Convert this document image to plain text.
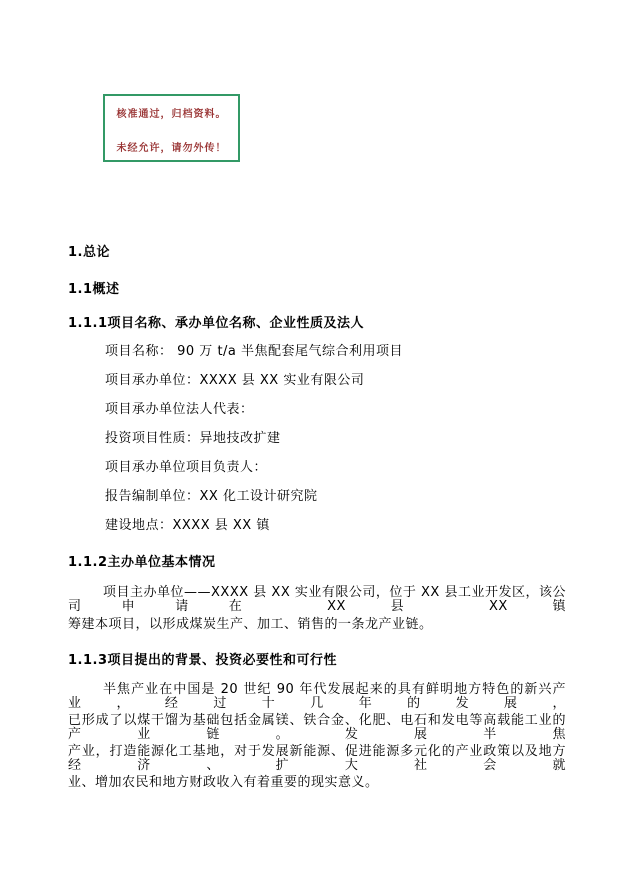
核准通过，归档资料。
未经允许，请勿外传！
1.总论
1.1概述
1.1.1项目名称、承办单位名称、企业性质及法人
项目名称： 90 万 t/a 半焦配套尾气综合利用项目
项目承办单位：XXXX 县 XX 实业有限公司
项目承办单位法人代表：
投资项目性质：异地技改扩建
项目承办单位项目负责人：
报告编制单位：XX 化工设计研究院
建设地点：XXXX 县 XX 镇
1.1.2主办单位基本情况
项目主办单位——XXXX 县 XX 实业有限公司，位于 XX 县工业开发区，该公司申请在 XX 县 XX 镇
筹建本项目，以形成煤炭生产、加工、销售的一条龙产业链。
1.1.3项目提出的背景、投资必要性和可行性
半焦产业在中国是 20 世纪 90 年代发展起来的具有鲜明地方特色的新兴产业，经过十几年的发展，
已形成了以煤干馏为基础包括金属镁、铁合金、化肥、电石和发电等高载能工业的产业链。发展半焦
产业，打造能源化工基地，对于发展新能源、促进能源多元化的产业政策以及地方经济、扩大社会就
业、增加农民和地方财政收入有着重要的现实意义。
